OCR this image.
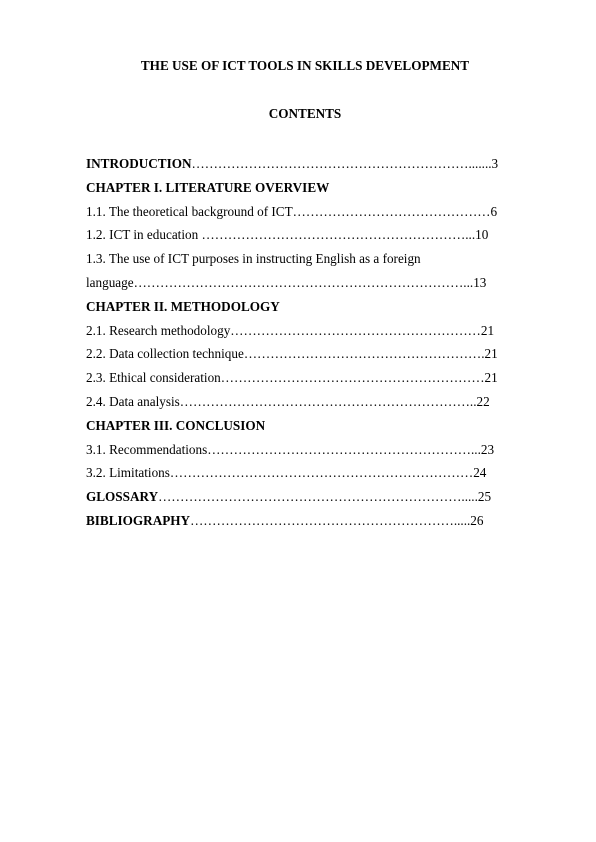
THE USE OF ICT TOOLS IN SKILLS DEVELOPMENT
CONTENTS
INTRODUCTION……………………………………………………….......3
CHAPTER I. LITERATURE OVERVIEW
1.1. The theoretical background of ICT………………………………………6
1.2. ICT in education ……………………………………………………...10
1.3. The use of ICT purposes in instructing English as a foreign
language…………………………………………………………………...13
CHAPTER II. METHODOLOGY
2.1. Research methodology…………………………………………………21
2.2. Data collection technique……………………………………………….21
2.3. Ethical consideration……………………………………………………21
2.4. Data analysis…………………………………………………………..22
CHAPTER III. CONCLUSION
3.1. Recommendations……………………………………………………...23
3.2. Limitations……………………………………………………………24
GLOSSARY…………………………………………………………….....25
BIBLIOGRAPHY…………………………………………………….....26
